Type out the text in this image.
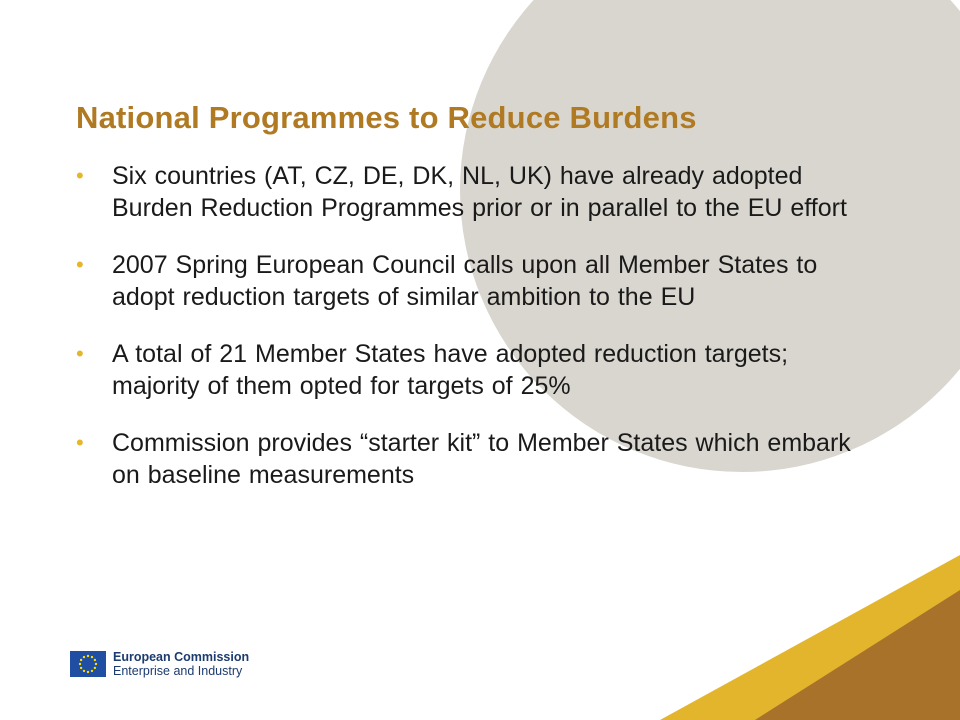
National Programmes to Reduce Burdens
• Six countries (AT, CZ, DE, DK, NL, UK) have already adopted Burden Reduction Programmes prior or in parallel to the EU effort
• 2007 Spring European Council calls upon all Member States to adopt reduction targets of similar ambition to the EU
• A total of 21 Member States have adopted reduction targets; majority of them opted for targets of 25%
• Commission provides “starter kit” to Member States which embark on baseline measurements
European Commission
Enterprise and Industry
